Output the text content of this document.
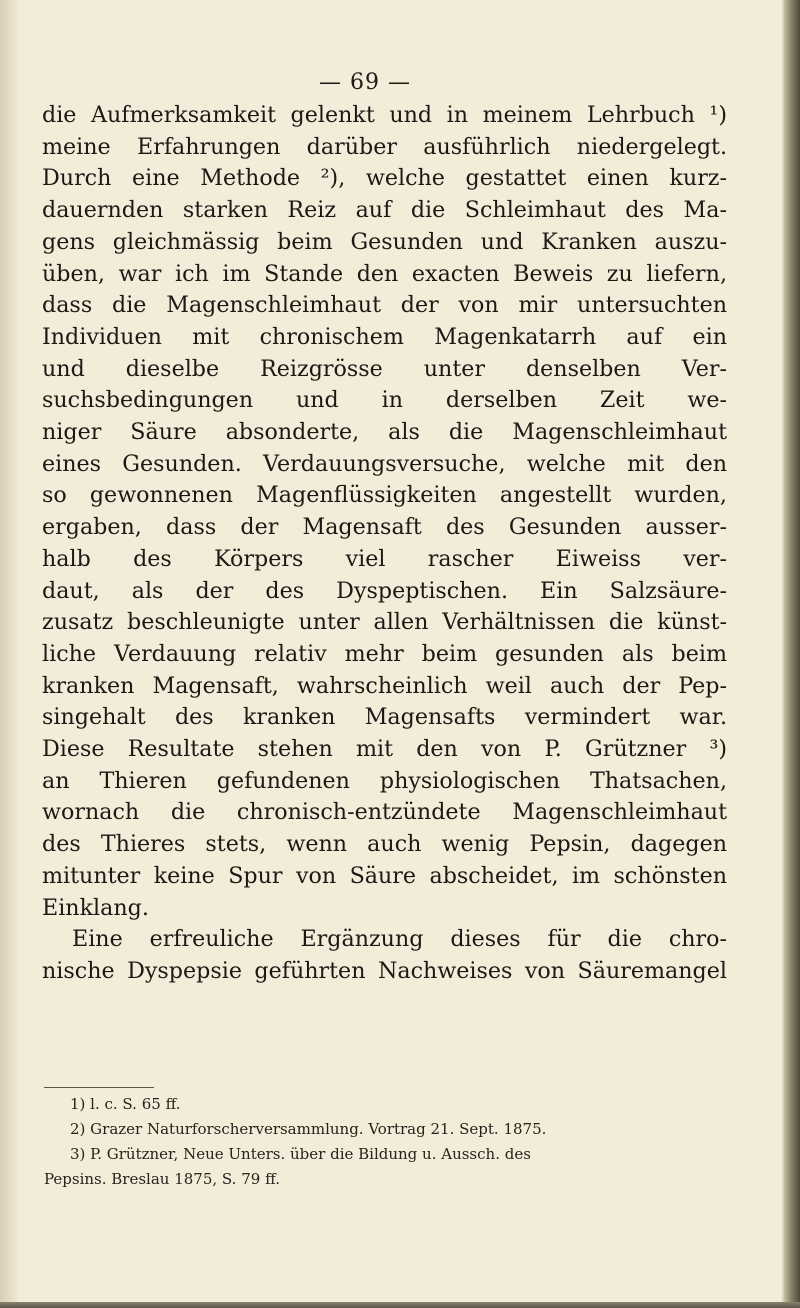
— 69 —
die Aufmerksamkeit gelenkt und in meinem Lehrbuch ¹)
meine Erfahrungen darüber ausführlich niedergelegt.
Durch eine Methode ²), welche gestattet einen kurz-
dauernden starken Reiz auf die Schleimhaut des Ma-
gens gleichmässig beim Gesunden und Kranken auszu-
üben, war ich im Stande den exacten Beweis zu liefern,
dass die Magenschleimhaut der von mir untersuchten
Individuen mit chronischem Magenkatarrh auf ein
und dieselbe Reizgrösse unter denselben Ver-
suchsbedingungen und in derselben Zeit we-
niger Säure absonderte, als die Magenschleimhaut
eines Gesunden. Verdauungsversuche, welche mit den
so gewonnenen Magenflüssigkeiten angestellt wurden,
ergaben, dass der Magensaft des Gesunden ausser-
halb des Körpers viel rascher Eiweiss ver-
daut, als der des Dyspeptischen. Ein Salzsäure-
zusatz beschleunigte unter allen Verhältnissen die künst-
liche Verdauung relativ mehr beim gesunden als beim
kranken Magensaft, wahrscheinlich weil auch der Pep-
singehalt des kranken Magensafts vermindert war.
Diese Resultate stehen mit den von P. Grützner ³)
an Thieren gefundenen physiologischen Thatsachen,
wornach die chronisch-entzündete Magenschleimhaut
des Thieres stets, wenn auch wenig Pepsin, dagegen
mitunter keine Spur von Säure abscheidet, im schönsten
Einklang.
Eine erfreuliche Ergänzung dieses für die chro-
nische Dyspepsie geführten Nachweises von Säuremangel
1) l. c. S. 65 ff.
2) Grazer Naturforscherversammlung. Vortrag 21. Sept. 1875.
3) P. Grützner, Neue Unters. über die Bildung u. Aussch. des
Pepsins. Breslau 1875, S. 79 ff.
